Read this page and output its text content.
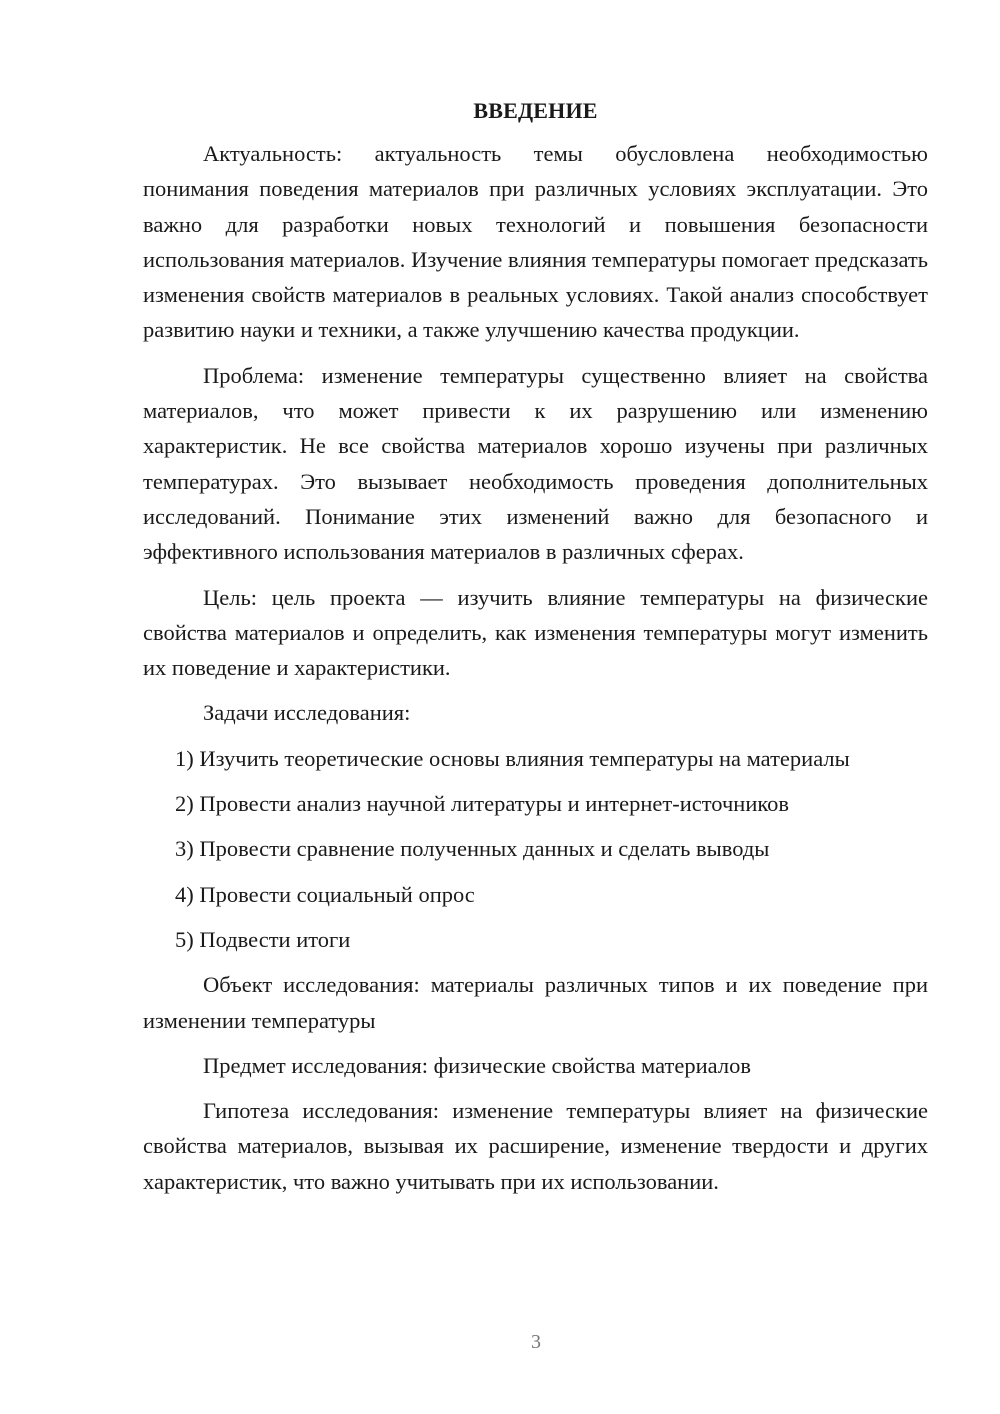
ВВЕДЕНИЕ

Актуальность: актуальность темы обусловлена необходимостью понимания поведения материалов при различных условиях эксплуатации. Это важно для разработки новых технологий и повышения безопасности использования материалов. Изучение влияния температуры помогает предсказать изменения свойств материалов в реальных условиях. Такой анализ способствует развитию науки и техники, а также улучшению качества продукции.

Проблема: изменение температуры существенно влияет на свойства материалов, что может привести к их разрушению или изменению характеристик. Не все свойства материалов хорошо изучены при различных температурах. Это вызывает необходимость проведения дополнительных исследований. Понимание этих изменений важно для безопасного и эффективного использования материалов в различных сферах.

Цель: цель проекта — изучить влияние температуры на физические свойства материалов и определить, как изменения температуры могут изменить их поведение и характеристики.

Задачи исследования:

1) Изучить теоретические основы влияния температуры на материалы
2) Провести анализ научной литературы и интернет-источников
3) Провести сравнение полученных данных и сделать выводы
4) Провести социальный опрос
5) Подвести итоги

Объект исследования: материалы различных типов и их поведение при изменении температуры

Предмет исследования: физические свойства материалов

Гипотеза исследования: изменение температуры влияет на физические свойства материалов, вызывая их расширение, изменение твердости и других характеристик, что важно учитывать при их использовании.

3
